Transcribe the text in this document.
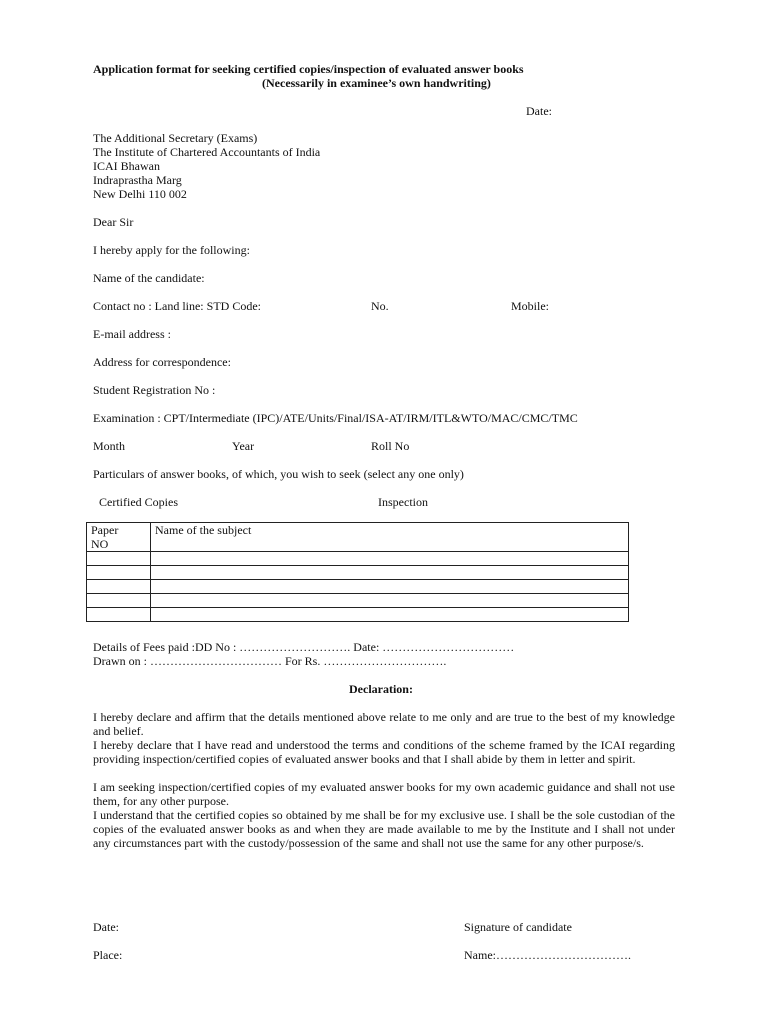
Application format for seeking certified copies/inspection of evaluated answer books
(Necessarily in examinee’s own handwriting)
Date:
The Additional Secretary (Exams)
The Institute of Chartered Accountants of India
ICAI Bhawan
Indraprastha Marg
New Delhi 110 002
Dear Sir
I hereby apply for the following:
Name of the candidate:
Contact no : Land line: STD Code:	No.	Mobile:
E-mail address :
Address for correspondence:
Student Registration No :
Examination : CPT/Intermediate (IPC)/ATE/Units/Final/ISA-AT/IRM/ITL&WTO/MAC/CMC/TMC
Month	Year	Roll No
Particulars of answer books, of which, you wish to seek (select any one only)
Certified Copies	Inspection
Paper
NO	Name of the subject

Details of Fees paid :DD No : ………………………. Date: ……………………………
Drawn on : …………………………… For Rs. ………………………….
Declaration:
I hereby declare and affirm that the details mentioned above relate to me only and are true to the best of my knowledge and belief.
I hereby declare that I have read and understood the terms and conditions of the scheme framed by the ICAI regarding providing inspection/certified copies of evaluated answer books and that I shall abide by them in letter and spirit.
I am seeking inspection/certified copies of my evaluated answer books for my own academic guidance and shall not use them, for any other purpose.
I understand that the certified copies so obtained by me shall be for my exclusive use. I shall be the sole custodian of the copies of the evaluated answer books as and when they are made available to me by the Institute and I shall not under any circumstances part with the custody/possession of the same and shall not use the same for any other purpose/s.
Date:
Place:
Signature of candidate
Name:…………………………….
